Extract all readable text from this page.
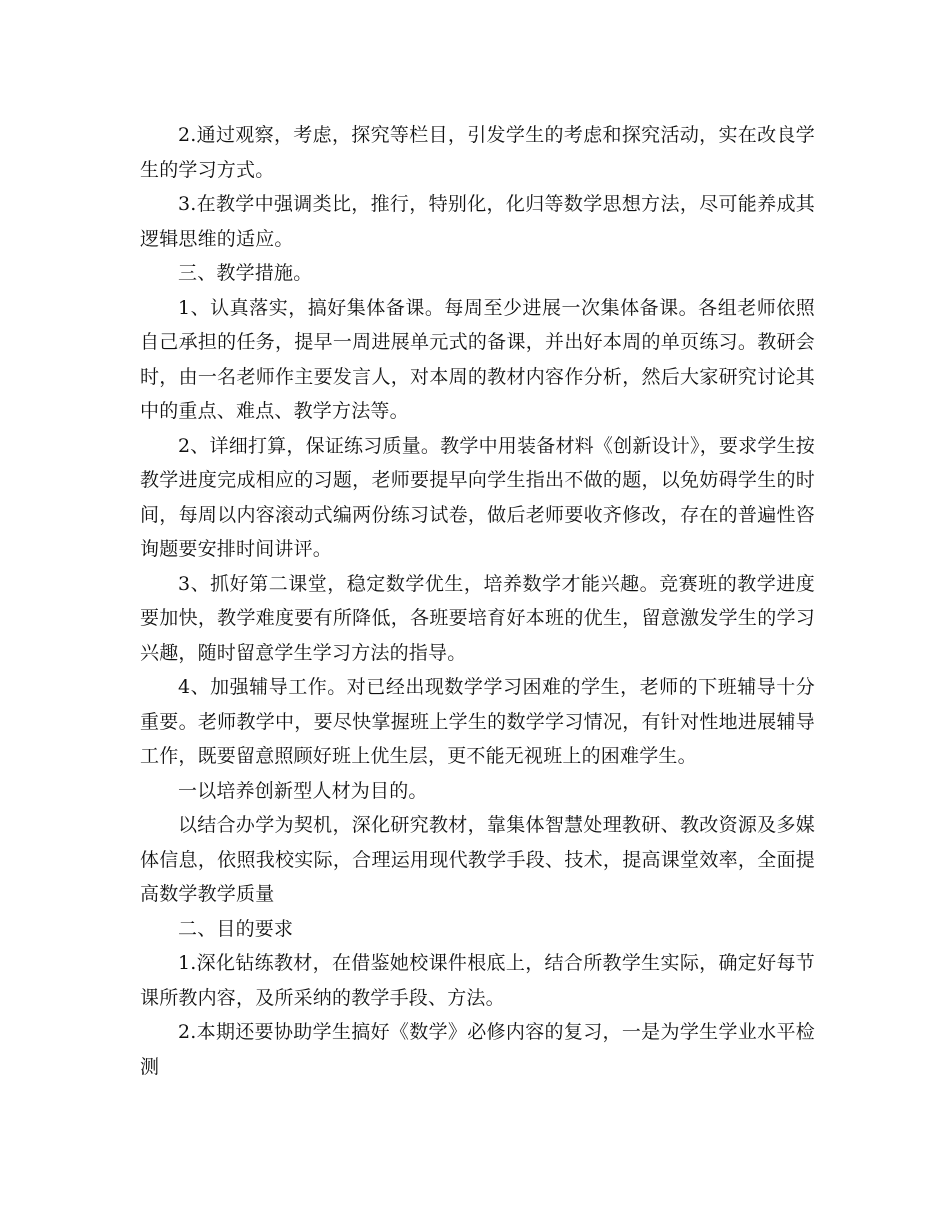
2.通过观察，考虑，探究等栏目，引发学生的考虑和探究活动，实在改良学生的学习方式。

3.在教学中强调类比，推行，特别化，化归等数学思想方法，尽可能养成其逻辑思维的适应。

三、教学措施。

1、认真落实，搞好集体备课。每周至少进展一次集体备课。各组老师依照自己承担的任务，提早一周进展单元式的备课，并出好本周的单页练习。教研会时，由一名老师作主要发言人，对本周的教材内容作分析，然后大家研究讨论其中的重点、难点、教学方法等。

2、详细打算，保证练习质量。教学中用装备材料《创新设计》，要求学生按教学进度完成相应的习题，老师要提早向学生指出不做的题，以免妨碍学生的时间，每周以内容滚动式编两份练习试卷，做后老师要收齐修改，存在的普遍性咨询题要安排时间讲评。

3、抓好第二课堂，稳定数学优生，培养数学才能兴趣。竞赛班的教学进度要加快，教学难度要有所降低，各班要培育好本班的优生，留意激发学生的学习兴趣，随时留意学生学习方法的指导。

4、加强辅导工作。对已经出现数学学习困难的学生，老师的下班辅导十分重要。老师教学中，要尽快掌握班上学生的数学学习情况，有针对性地进展辅导工作，既要留意照顾好班上优生层，更不能无视班上的困难学生。

一以培养创新型人材为目的。

以结合办学为契机，深化研究教材，靠集体智慧处理教研、教改资源及多媒体信息，依照我校实际，合理运用现代教学手段、技术，提高课堂效率，全面提高数学教学质量

二、目的要求

1.深化钻练教材，在借鉴她校课件根底上，结合所教学生实际，确定好每节课所教内容，及所采纳的教学手段、方法。

2.本期还要协助学生搞好《数学》必修内容的复习，一是为学生学业水平检测
